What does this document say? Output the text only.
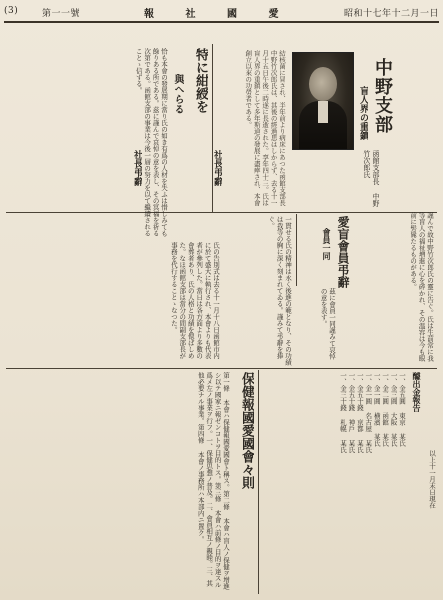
(3)	第一一號	報 社 國 愛	昭和十七年十二月一日
中野支部
盲人界の重鎮
函館支部長 中野竹次郎氏
結核菌に冒され、半年前より病床にあつた函館支部長中野竹次郎氏は、其後の經過思はしからず、去る十一月十五日午後二時遂に長逝された。享年四十三。氏は盲人界の重鎮として多年斯道の發展に盡瘁され、本會創立以來の功勞者である。
特に紺綬を
與へらる
恰も本會の發展期に當り氏の如き有爲の人材を失ふは惜しみても餘りある所である。茲に謹んで哀悼の意を表し、その冥福を祈る次第である。函館支部の事業は今後一層の努力を以て繼續されることゝ信ずる。
社長弔辭	社長弔辭
一貫せる氏の精神は永く後進の範となり、その功績は我等の胸に深く刻まれてゐる。謹みて弔辭を捧ぐ。	愛盲會員弔辭
會員一同	謹んで故中野竹次郎氏の靈に告ぐ。氏は生前常に我等盲人の福祉増進に心を碎かれ、その温容は今も眼前に髣髴たるものがある。
茲に會員一同謹みて哀悼の意を表す。
氏の告別式は去る十一月十八日函館市内に於て盛大に執行され、本會よりも代表者が參列した。當日は各方面より多數の會葬者あり、氏の人格と功績を偲ばしめた。なほ函館支部は當分の間副支部長が事務を代行することゝなつた。
保健報國愛國會々則
第一條 本會ハ保健報國愛國會ト稱ス。第二條 本會ハ盲人ノ保健ヲ增進シ以テ國家ニ報ゼンコトヲ目的トス。第三條 本會ハ前條ノ目的ヲ達スル爲メ左ノ事業ヲ行フ。一、保健思想ノ普及。二、會員相互ノ親睦。三、其他必要ナル事業。第四條 本會ノ事務所ハ本部内ニ置ク。	醵出金報告
一、金五圓 東京 某氏
一、金三圓 大阪 某氏
一、金二圓 函館 某氏
一、金一圓 横濱 某氏
一、金一圓 名古屋 某氏
一、金五十錢 京都 某氏
一、金五十錢 神戶 某氏
一、金三十錢 札幌 某氏
以上十一月末日現在
